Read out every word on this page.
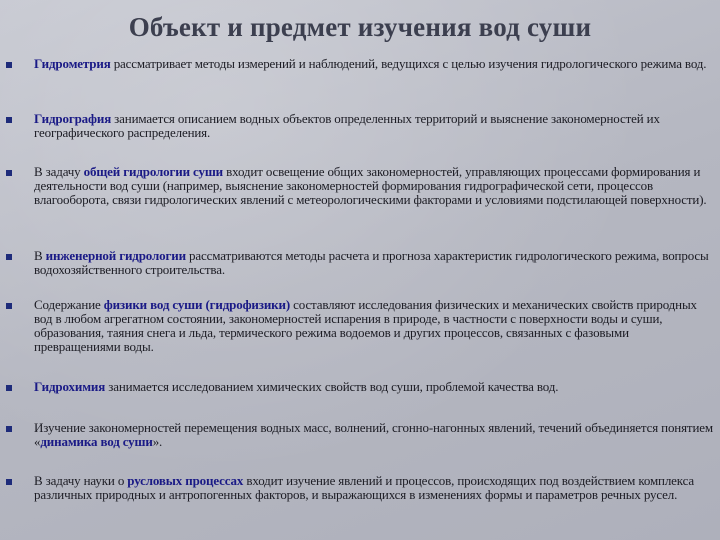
Объект и предмет изучения вод суши
Гидрометрия рассматривает методы измерений и наблюдений, ведущихся с целью изучения гидрологического режима вод.
Гидрография занимается описанием водных объектов определенных территорий и выяснение закономерностей их географического распределения.
В задачу общей гидрологии суши входит освещение общих закономерностей, управляющих процессами формирования и деятельности вод суши (например, выяснение закономерностей формирования гидрографической сети, процессов влагооборота, связи гидрологических явлений с метеорологическими факторами и условиями подстилающей поверхности).
В инженерной гидрологии рассматриваются методы расчета и прогноза характеристик гидрологического режима, вопросы водохозяйственного строительства.
Содержание физики вод суши (гидрофизики) составляют исследования физических и механических свойств природных вод в любом агрегатном состоянии, закономерностей испарения в природе, в частности с поверхности воды и суши, образования, таяния снега и льда, термического режима водоемов и других процессов, связанных с фазовыми превращениями воды.
Гидрохимия занимается исследованием химических свойств вод суши, проблемой качества вод.
Изучение закономерностей перемещения водных масс, волнений, сгонно-нагонных явлений, течений объединяется понятием «динамика вод суши».
В задачу науки о русловых процессах входит изучение явлений и процессов, происходящих под воздействием комплекса различных природных и антропогенных факторов, и выражающихся в изменениях формы и параметров речных русел.
